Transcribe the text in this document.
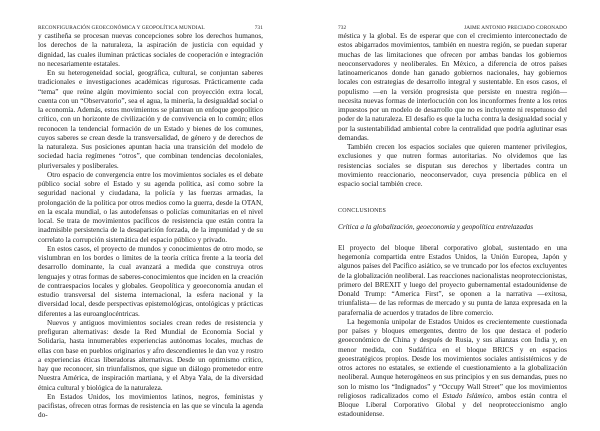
RECONFIGURACIÓN GEOECONÓMICA Y GEOPOLÍTICA MUNDIAL	731

y castiheña se procesan nuevas concepciones sobre los derechos humanos, los derechos de la naturaleza, la aspiración de justicia con equidad y dignidad, las cuales iluminan prácticas sociales de cooperación e integración no necesariamente estatales.

En su heterogeneidad social, geográfica, cultural, se conjuntan saberes tradicionales e investigaciones académicas rigurosas. Prácticamente cada “tema” que reúne algún movimiento social con proyección extra local, cuenta con un “Observatorio”, sea el agua, la minería, la desigualdad social o la economía. Además, estos movimientos se plantean un enfoque geopolítico crítico, con un horizonte de civilización y de convivencia en lo común; ellos reconocen la tendencial formación de un Estado y bienes de los comunes, cuyos saberes se crean desde la transversalidad, de género y de derechos de la naturaleza. Sus posiciones apuntan hacia una transición del modelo de sociedad hacia regímenes “otros”, que combinan tendencias decoloniales, pluriversales y posliberales.

Otro espacio de convergencia entre los movimientos sociales es el debate público social sobre el Estado y su agenda política, así como sobre la seguridad nacional y ciudadana, la policía y las fuerzas armadas, la prolongación de la política por otros medios como la guerra, desde la OTAN, en la escala mundial, o las autodefensas o policías comunitarias en el nivel local. Se trata de movimientos pacíficos de resistencia que están contra la inadmisible persistencia de la desaparición forzada, de la impunidad y de su correlato la corrupción sistemática del espacio público y privado.

En estos casos, el proyecto de mundos y conocimientos de otro modo, se vislumbran en los bordes o límites de la teoría crítica frente a la teoría del desarrollo dominante, la cual avanzará a medida que construya otros lenguajes y otras formas de saberes-conocimientos que inciden en la creación de contraespacios locales y globales. Geopolítica y geoeconomía anudan el estudio transversal del sistema internacional, la esfera nacional y la diversidad local, desde perspectivas epistemológicas, ontológicas y prácticas diferentes a las euroanglocéntricas.

Nuevos y antiguos movimientos sociales crean redes de resistencia y prefiguran alternativas: desde la Red Mundial de Economía Social y Solidaria, hasta innumerables experiencias autónomas locales, muchas de ellas con base en pueblos originarios y afro descendientes le dan voz y rostro a experiencias éticas liberadoras alternativas. Desde un optimismo crítico, hay que reconocer, sin triunfalismos, que sigue un diálogo prometedor entre Nuestra América, de inspiración martiana, y el Abya Yala, de la diversidad étnica cultural y biológica de la naturaleza.

En Estados Unidos, los movimientos latinos, negros, feministas y pacifistas, ofrecen otras formas de resistencia en las que se vincula la agenda do-

732	JAIME ANTONIO PRECIADO CORONADO

méstica y la global. Es de esperar que con el crecimiento interconectado de estos abigarrados movimientos, también en nuestra región, se puedan superar muchas de las limitaciones que ofrecen por ambas bandas los gobiernos neoconservadores y neoliberales. En México, a diferencia de otros países latinoamericanos donde han ganado gobiernos nacionales, hay gobiernos locales con estrategias de desarrollo integral y sustentable. En esos casos, el populismo —en la versión progresista que persiste en nuestra región— necesita nuevas formas de interlocución con los inconformes frente a los retos impuestos por un modelo de desarrollo que no es incluyente ni respetuoso del poder de la naturaleza. El desafío es que la lucha contra la desigualdad social y por la sustentabilidad ambiental cobre la centralidad que podría aglutinar esas demandas.

También crecen los espacios sociales que quieren mantener privilegios, exclusiones y que nutren formas autoritarias. No olvidemos que las resistencias sociales se disputan sus derechos y libertades contra un movimiento reaccionario, neoconservador, cuya presencia pública en el espacio social también crece.

CONCLUSIONES
Crítica a la globalización, geoeconomía y geopolítica entrelazadas

El proyecto del bloque liberal corporativo global, sustentado en una hegemonía compartida entre Estados Unidos, la Unión Europea, Japón y algunos países del Pacífico asiático, se ve truncado por los efectos excluyentes de la globalización neoliberal. Las reacciones nacionalistas neoproteccionistas, primero del BREXIT y luego del proyecto gubernamental estadounidense de Donald Trump: “America First”, se oponen a la narrativa —exitosa, triunfalista— de las reformas de mercado y su punta de lanza expresada en la parafernalia de acuerdos y tratados de libre comercio.

La hegemonía unipolar de Estados Unidos es crecientemente cuestionada por países y bloques emergentes, dentro de los que destaca el poderío geoeconómico de China y después de Rusia, y sus alianzas con India y, en menor medida, con Sudáfrica en el bloque BRICS y en espacios geoestratégicos propios. Desde los movimientos sociales antisistémicos y de otros actores no estatales, se extiende el cuestionamiento a la globalización neoliberal. Aunque heterogéneos en sus principios y en sus demandas, pues no son lo mismo los “Indignados” y “Occupy Wall Street” que los movimientos religiosos radicalizados como el Estado Islámico, ambos están contra el Bloque Liberal Corporativo Global y del neoproteccionismo anglo estadounidense.
